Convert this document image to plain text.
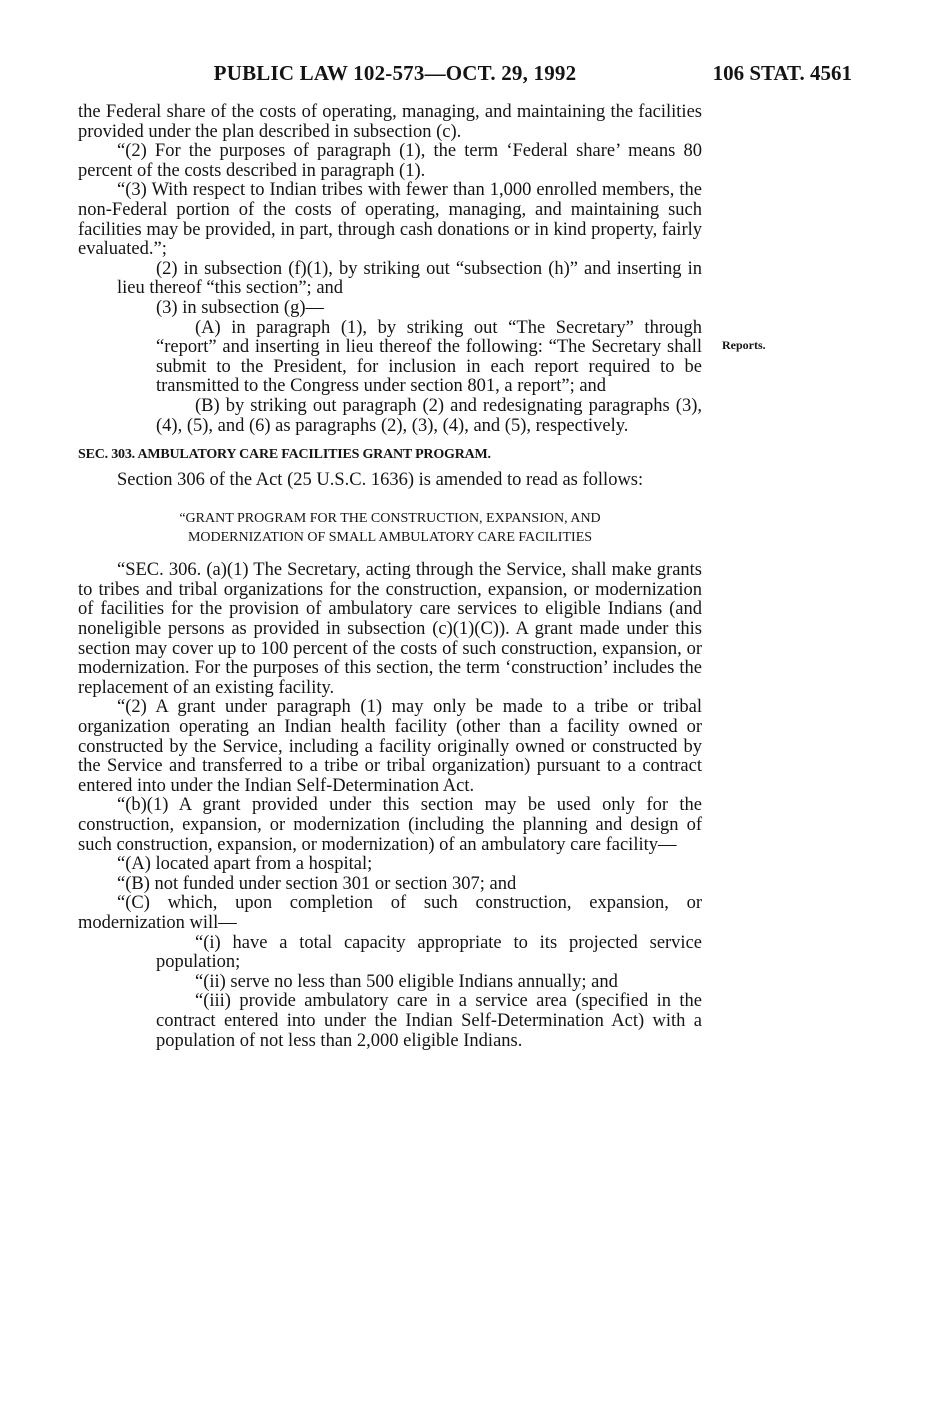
PUBLIC LAW 102-573—OCT. 29, 1992	106 STAT. 4561
Reports.

the Federal share of the costs of operating, managing, and maintaining the facilities provided under the plan described in subsection (c).

“(2) For the purposes of paragraph (1), the term ‘Federal share’ means 80 percent of the costs described in paragraph (1).

“(3) With respect to Indian tribes with fewer than 1,000 enrolled members, the non-Federal portion of the costs of operating, managing, and maintaining such facilities may be provided, in part, through cash donations or in kind property, fairly evaluated.”;

(2) in subsection (f)(1), by striking out “subsection (h)” and inserting in lieu thereof “this section”; and

(3) in subsection (g)—

(A) in paragraph (1), by striking out “The Secretary” through “report” and inserting in lieu thereof the following: “The Secretary shall submit to the President, for inclusion in each report required to be transmitted to the Congress under section 801, a report”; and

(B) by striking out paragraph (2) and redesignating paragraphs (3), (4), (5), and (6) as paragraphs (2), (3), (4), and (5), respectively.

SEC. 303. AMBULATORY CARE FACILITIES GRANT PROGRAM.

Section 306 of the Act (25 U.S.C. 1636) is amended to read as follows:

“GRANT PROGRAM FOR THE CONSTRUCTION, EXPANSION, AND
MODERNIZATION OF SMALL AMBULATORY CARE FACILITIES

“SEC. 306. (a)(1) The Secretary, acting through the Service, shall make grants to tribes and tribal organizations for the construction, expansion, or modernization of facilities for the provision of ambulatory care services to eligible Indians (and noneligible persons as provided in subsection (c)(1)(C)). A grant made under this section may cover up to 100 percent of the costs of such construction, expansion, or modernization. For the purposes of this section, the term ‘construction’ includes the replacement of an existing facility.

“(2) A grant under paragraph (1) may only be made to a tribe or tribal organization operating an Indian health facility (other than a facility owned or constructed by the Service, including a facility originally owned or constructed by the Service and transferred to a tribe or tribal organization) pursuant to a contract entered into under the Indian Self-Determination Act.

“(b)(1) A grant provided under this section may be used only for the construction, expansion, or modernization (including the planning and design of such construction, expansion, or modernization) of an ambulatory care facility—

“(A) located apart from a hospital;

“(B) not funded under section 301 or section 307; and

“(C) which, upon completion of such construction, expansion, or modernization will—

“(i) have a total capacity appropriate to its projected service population;

“(ii) serve no less than 500 eligible Indians annually; and

“(iii) provide ambulatory care in a service area (specified in the contract entered into under the Indian Self-Determination Act) with a population of not less than 2,000 eligible Indians.
